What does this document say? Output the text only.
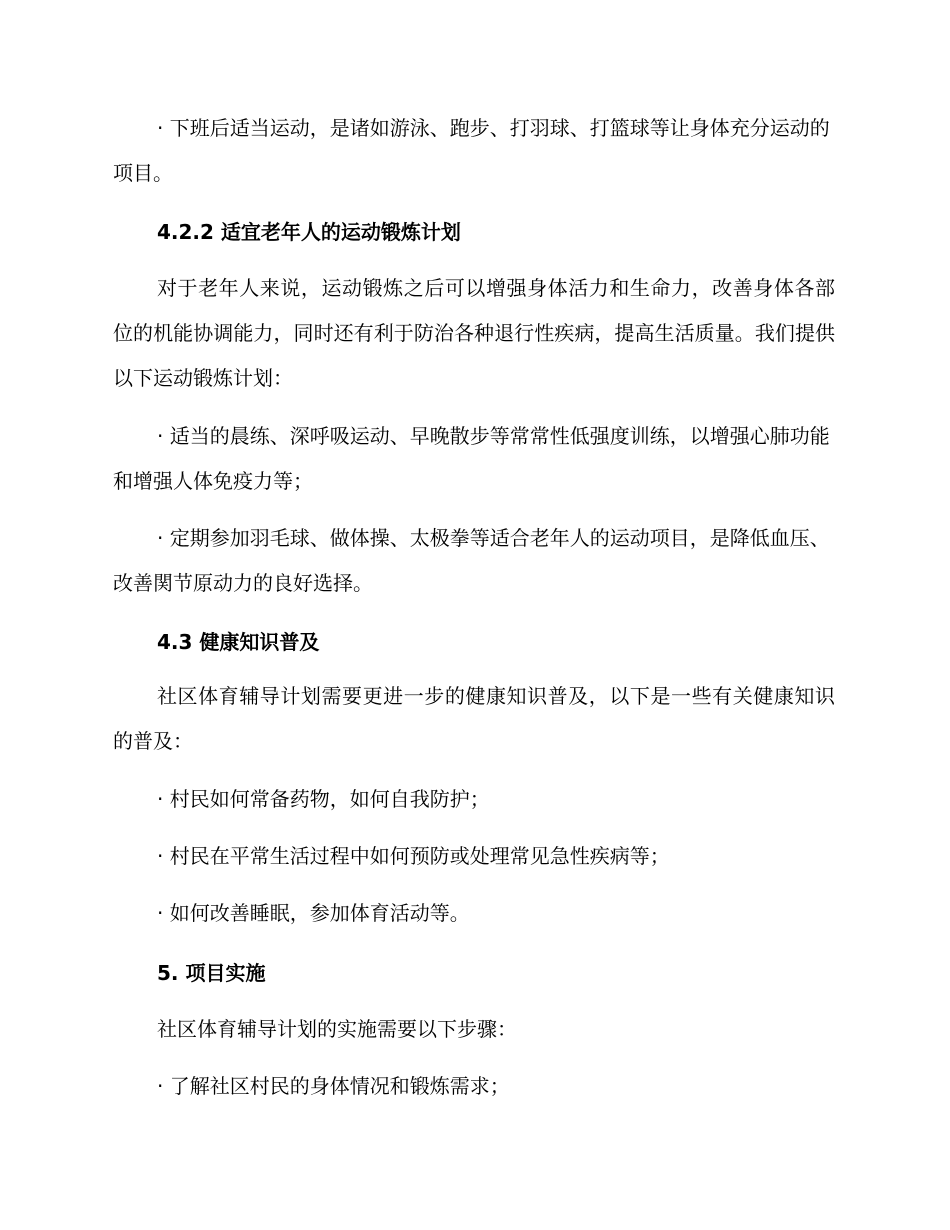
· 下班后适当运动，是诸如游泳、跑步、打羽球、打篮球等让身体充分运动的项目。

4.2.2 适宜老年人的运动锻炼计划

对于老年人来说，运动锻炼之后可以增强身体活力和生命力，改善身体各部位的机能协调能力，同时还有利于防治各种退行性疾病，提高生活质量。我们提供以下运动锻炼计划：

· 适当的晨练、深呼吸运动、早晚散步等常常性低强度训练，以增强心肺功能和增强人体免疫力等；

· 定期参加羽毛球、做体操、太极拳等适合老年人的运动项目，是降低血压、改善関节原动力的良好选择。

4.3 健康知识普及

社区体育辅导计划需要更进一步的健康知识普及，以下是一些有关健康知识的普及：

· 村民如何常备药物，如何自我防护；

· 村民在平常生活过程中如何预防或处理常见急性疾病等；

· 如何改善睡眠，参加体育活动等。

5. 项目实施

社区体育辅导计划的实施需要以下步骤：

· 了解社区村民的身体情况和锻炼需求；
